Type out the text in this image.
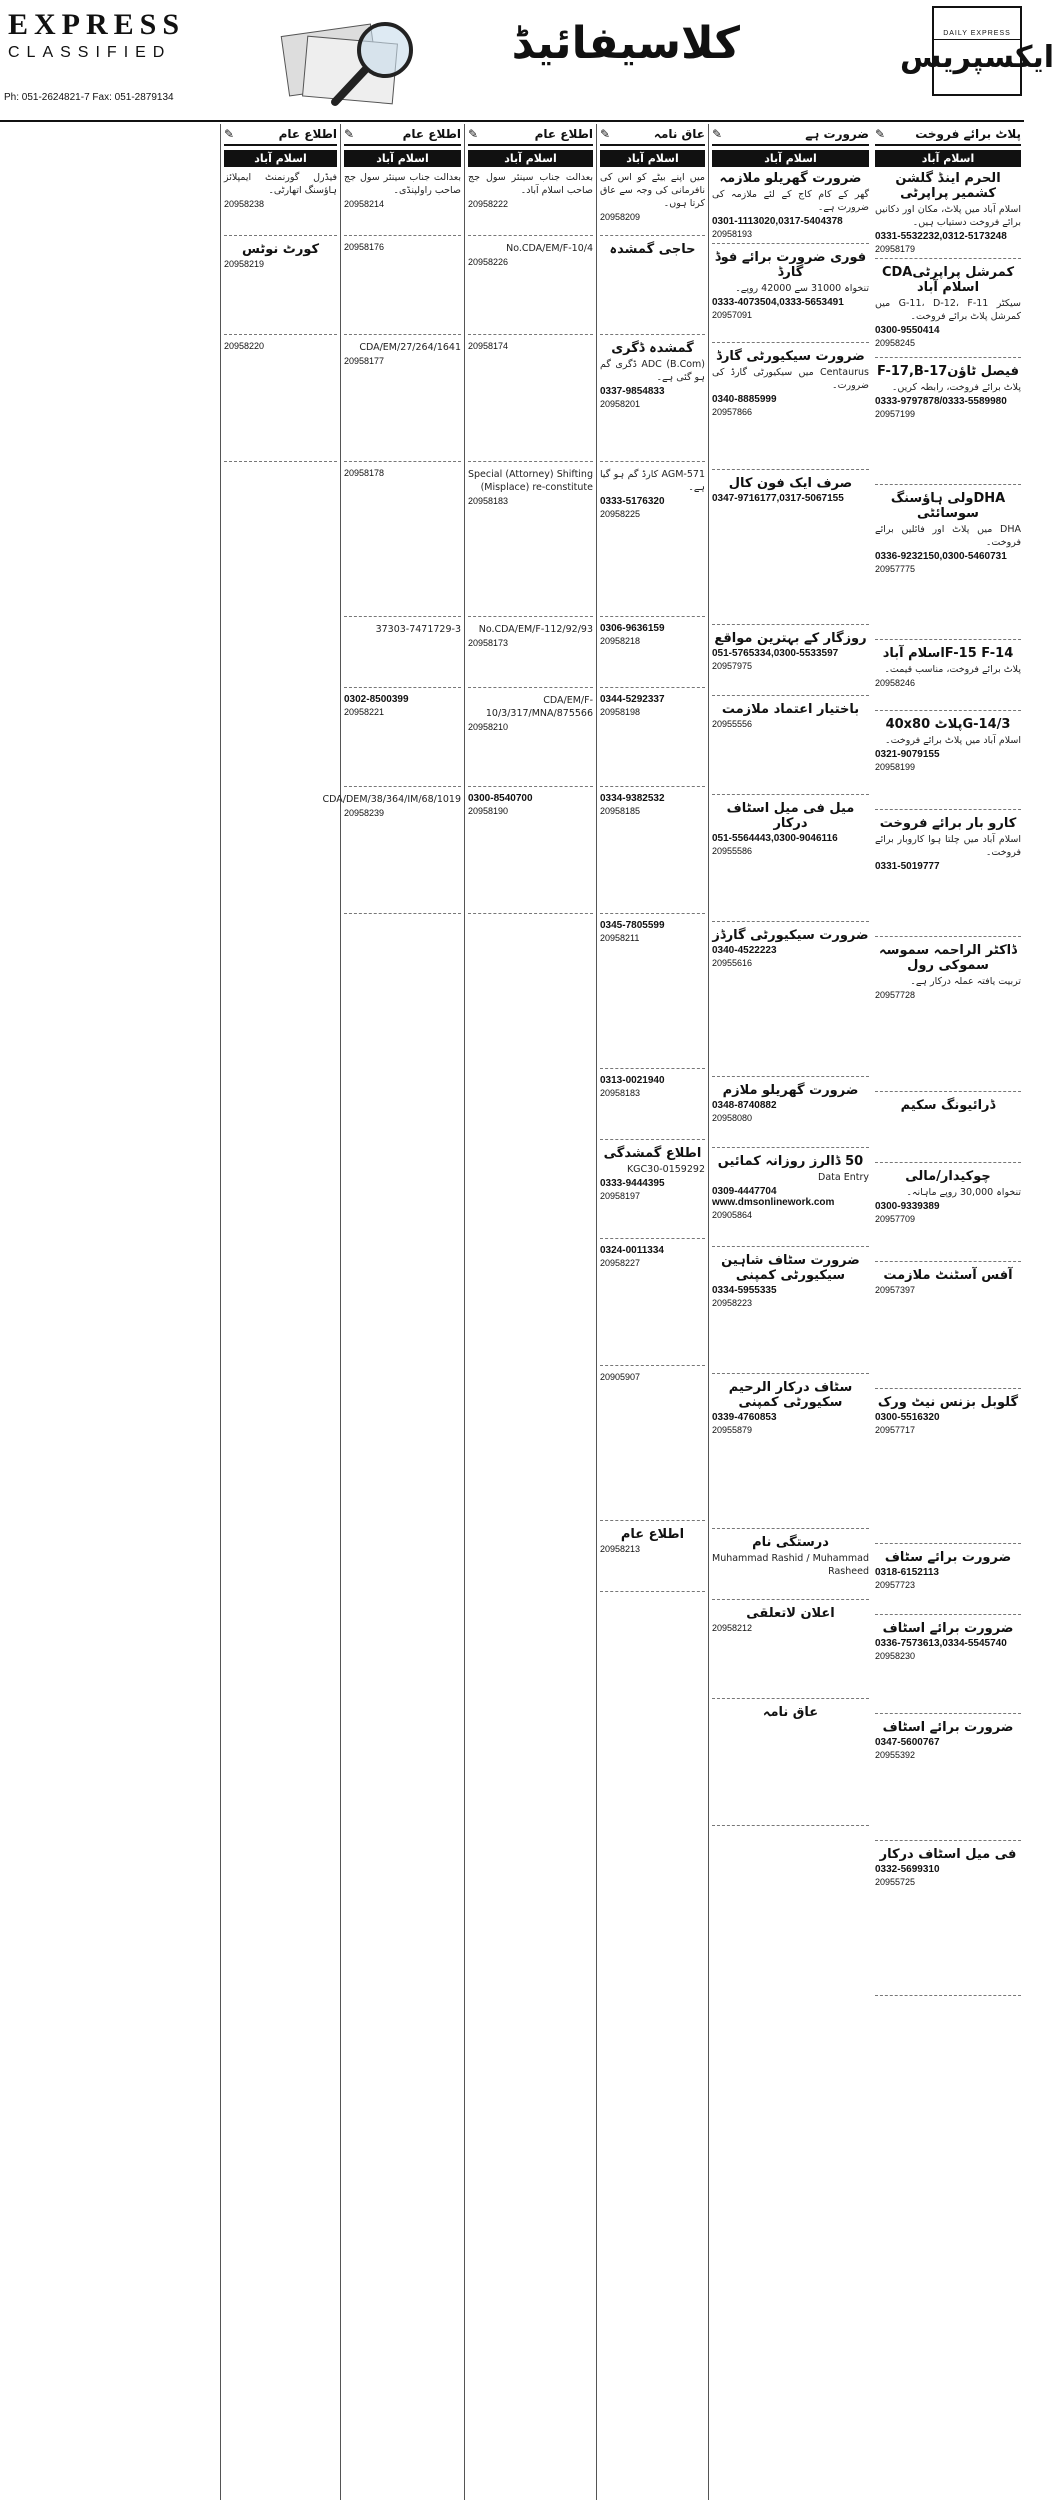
EXPRESS
CLASSIFIED
Ph: 051-2624821-7 Fax: 051-2879134
کلاسیفائیڈ	DAILY EXPRESS
ایکسپریس
✎	پلاٹ برائے فروخت
اسلام آباد
الحرم اینڈ گلشن کشمیر پراپرٹی
اسلام آباد میں پلاٹ، مکان اور دکانیں برائے فروخت دستیاب ہیں۔
0331-5532232,0312-5173248
20958179
کمرشل پراپرٹیCDA اسلام آباد
سیکٹر G-11، D-12، F-11 میں کمرشل پلاٹ برائے فروخت۔
0300-9550414
20958245
فیصل ٹاؤنF-17,B-17
پلاٹ برائے فروخت، رابطہ کریں۔
0333-9797878/0333-5589980
20957199
DHAولی ہاؤسنگ سوسائٹی
DHA میں پلاٹ اور فائلیں برائے فروخت۔
0336-9232150,0300-5460731
20957775
F-15 F-14اسلام آباد
پلاٹ برائے فروخت، مناسب قیمت۔
20958246
G-14/3پلاٹ 40x80
اسلام آباد میں پلاٹ برائے فروخت۔
0321-9079155
20958199
کارو بار برائے فروخت
اسلام آباد میں چلتا ہوا کاروبار برائے فروخت۔
0331-5019777
ڈاکٹر الراحمہ سموسہ سموکی رول
تربیت یافتہ عملہ درکار ہے۔
20957728
ڈرائیونگ سکیم
چوکیدار/مالی
تنخواہ 30,000 روپے ماہانہ۔
0300-9339389
20957709
آفس آسٹنٹ ملازمت
20957397
گلوبل بزنس نیٹ ورک
0300-5516320
20957717
ضرورت برائے سٹاف
0318-6152113
20957723
ضرورت برائے اسٹاف
0336-7573613,0334-5545740
20958230
ضرورت برائے اسٹاف
0347-5600767
20955392
فی میل اسٹاف درکار
0332-5699310
20955725
✎	ضرورت ہے
اسلام آباد
ضرورت گھریلو ملازمہ
گھر کے کام کاج کے لئے ملازمہ کی ضرورت ہے۔
0301-1113020,0317-5404378
20958193
فوری ضرورت برائے فوڈ گارڈ
تنخواہ 31000 سے 42000 روپے۔
0333-4073504,0333-5653491
20957091
ضرورت سیکیورٹی گارڈ
Centaurus میں سیکیورٹی گارڈ کی ضرورت۔
0340-8885999
20957866
صرف ایک فون کال
0347-9716177,0317-5067155
روزگار کے بہترین مواقع
051-5765334,0300-5533597
20957975
باختیار اعتماد ملازمت
20955556
میل فی میل اسٹاف درکار
051-5564443,0300-9046116
20955586
ضرورت سیکیورٹی گارڈز
0340-4522223
20955616
ضرورت گھریلو ملازم
0348-8740882
20958080
50 ڈالرز روزانہ کمائیں
Data Entry
0309-4447704 www.dmsonlinework.com
20905864
ضرورت سٹاف شاہین سیکیورٹی کمپنی
0334-5955335
20958223
سٹاف درکار الرحیم سکیورٹی کمپنی
0339-4760853
20955879
درستگی نام
Muhammad Rashid / Muhammad Rasheed
اعلان لاتعلقی
20958212
عاق نامہ
✎	عاق نامہ
اسلام آباد
میں اپنے بیٹے کو اس کی نافرمانی کی وجہ سے عاق کرتا ہوں۔
20958209
حاجی گمشدہ
گمشدہ ڈگری
ADC (B.Com) ڈگری گم ہو گئی ہے۔
0337-9854833
20958201
AGM-571 کارڈ گم ہو گیا ہے۔
0333-5176320
20958225
0306-9636159
20958218
0344-5292337
20958198
0334-9382532
20958185
0345-7805599
20958211
0313-0021940
20958183
اطلاع گمشدگی
KGC30-0159292
0333-9444395
20958197
0324-0011334
20958227
20905907
اطلاع عام
20958213
✎	اطلاع عام
اسلام آباد
بعدالت جناب سینئر سول جج صاحب اسلام آباد۔
20958222
No.CDA/EM/F-10/4
20958226
20958174
Special (Attorney) Shifting (Misplace) re-constitute
20958183
No.CDA/EM/F-112/92/93
20958173
CDA/EM/F-10/3/317/MNA/875566
20958210
0300-8540700
20958190
✎	اطلاع عام
اسلام آباد
بعدالت جناب سینئر سول جج صاحب راولپنڈی۔
20958214
20958176
CDA/EM/27/264/1641
20958177
20958178
37303-7471729-3
0302-8500399
20958221
CDA/DEM/38/364/IM/68/1019
20958239
✎	اطلاع عام
اسلام آباد
فیڈرل گورنمنٹ ایمپلائز ہاؤسنگ اتھارٹی۔
20958238
کورٹ نوٹس
20958219
20958220
